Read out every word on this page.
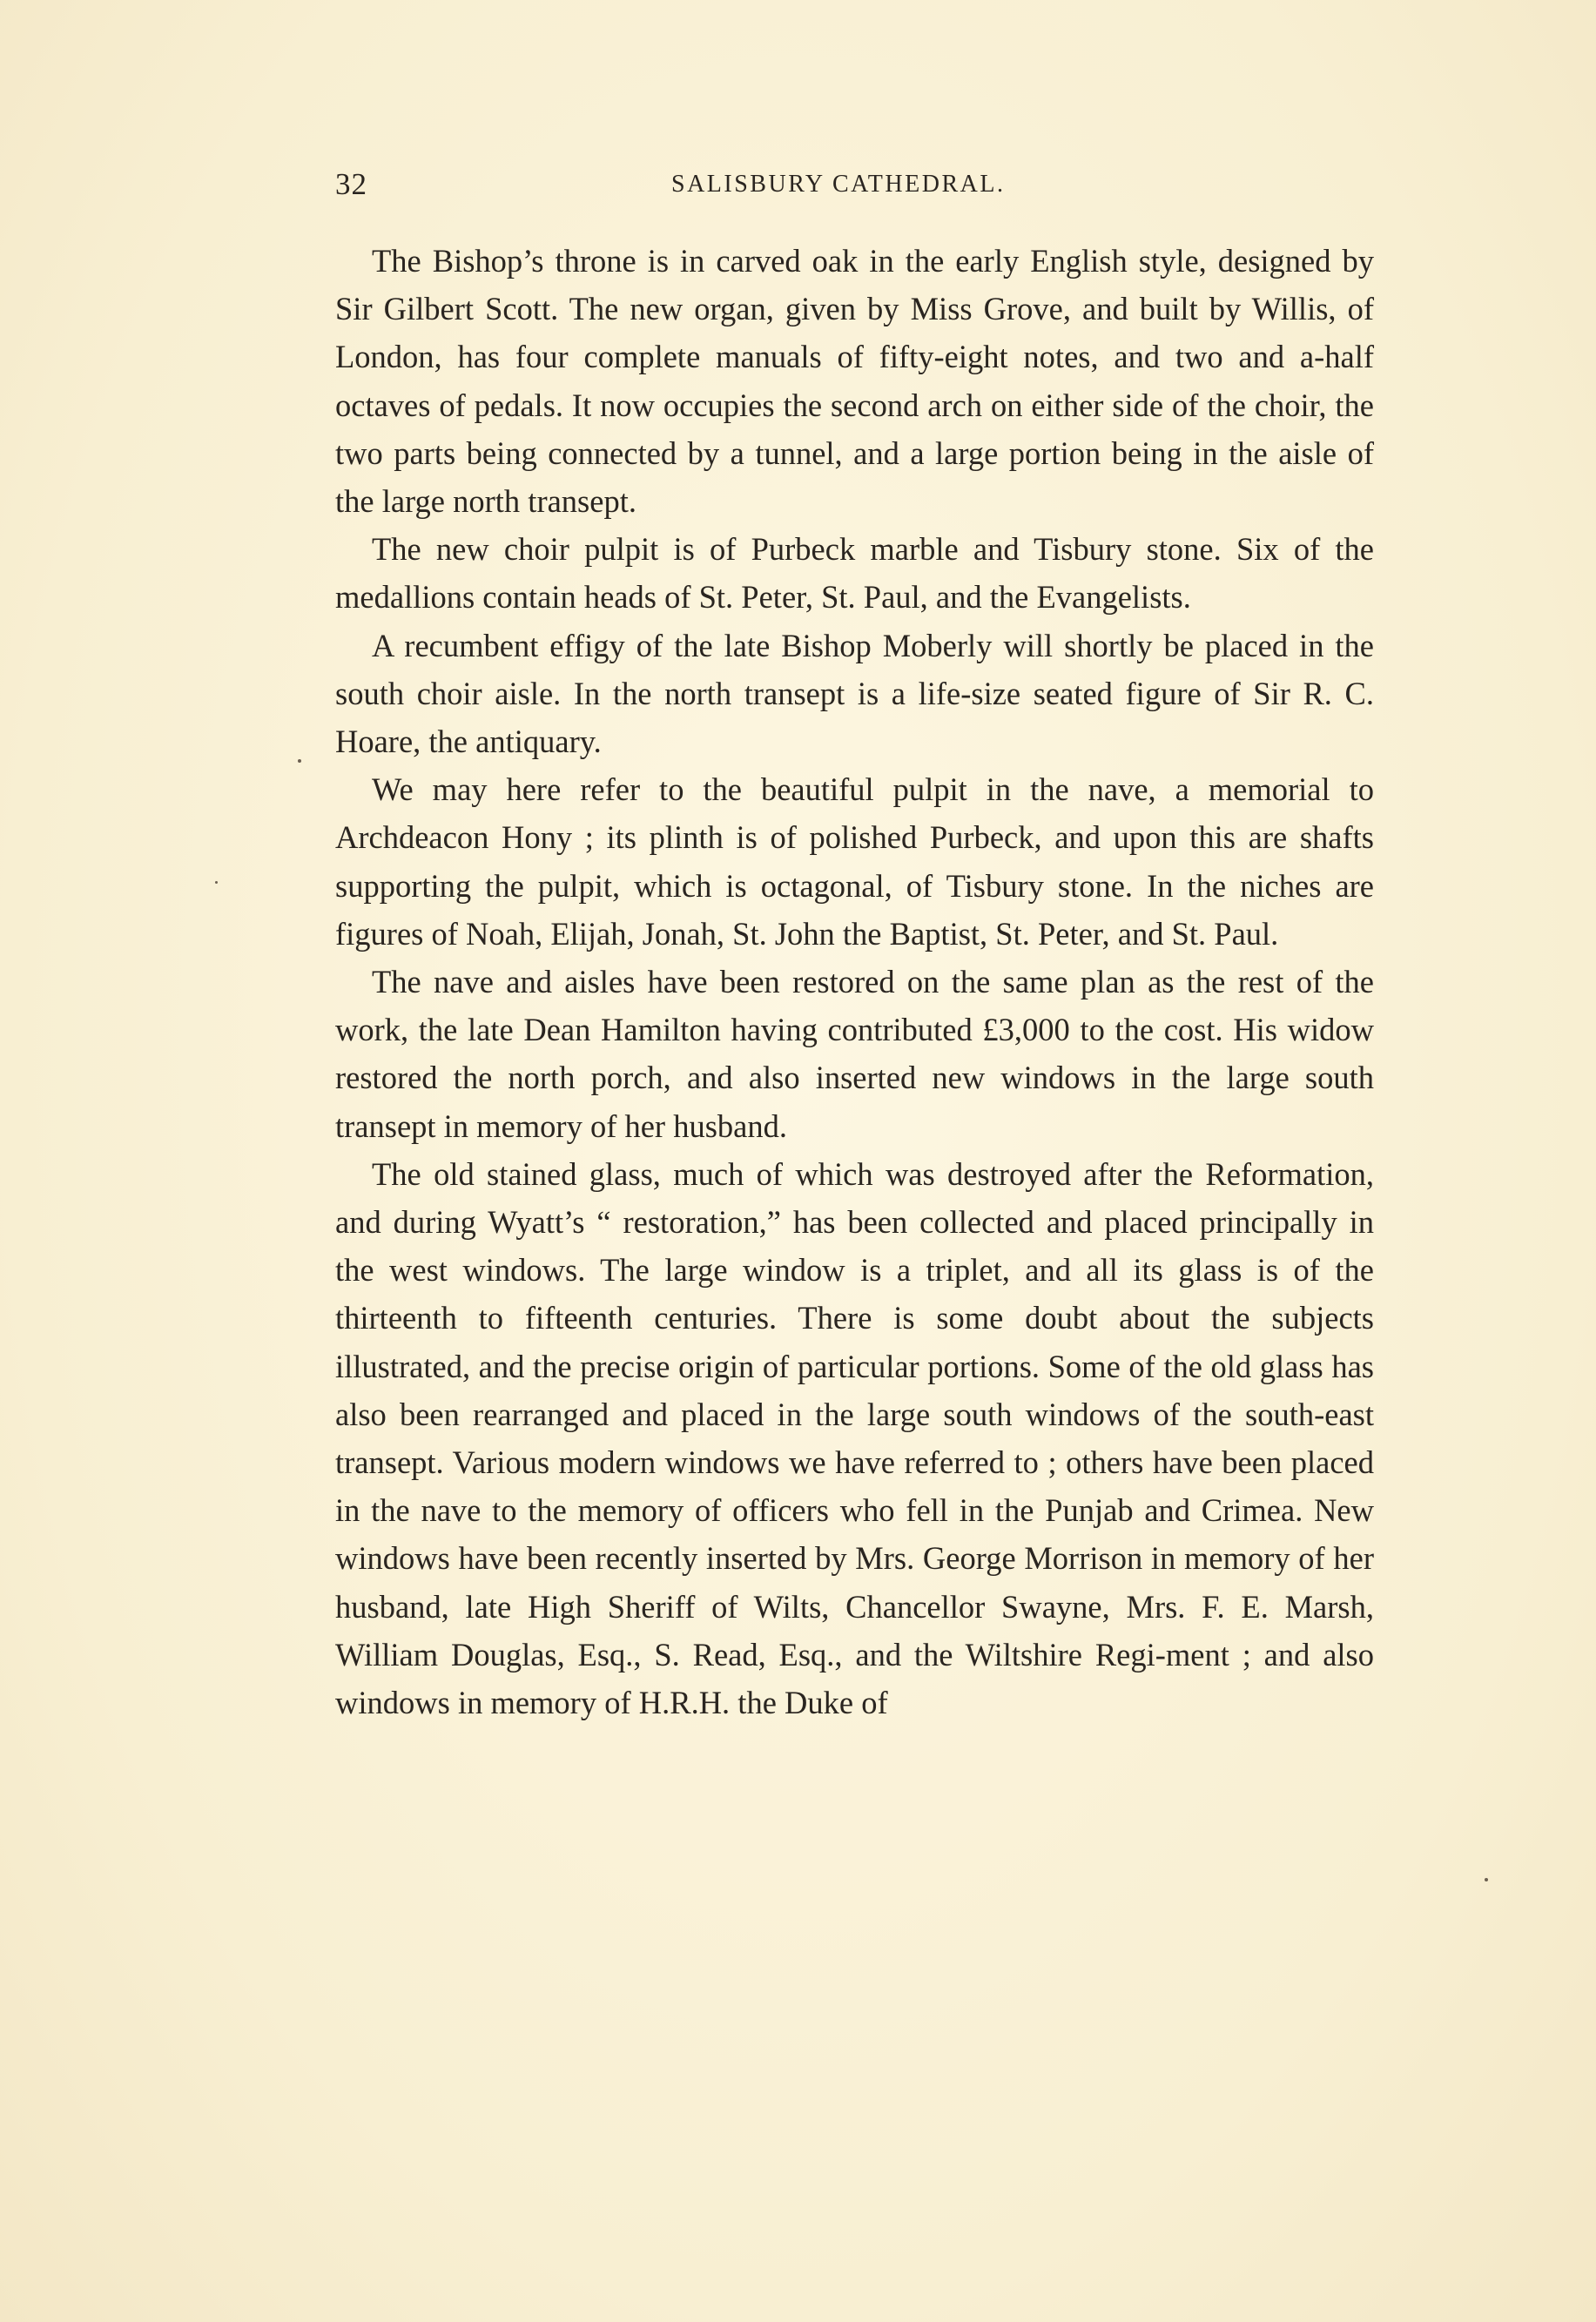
32	SALISBURY CATHEDRAL.

The Bishop’s throne is in carved oak in the early English style, designed by Sir Gilbert Scott. The new organ, given by Miss Grove, and built by Willis, of London, has four complete manuals of fifty-eight notes, and two and a-half octaves of pedals. It now occupies the second arch on either side of the choir, the two parts being connected by a tunnel, and a large portion being in the aisle of the large north transept.

The new choir pulpit is of Purbeck marble and Tisbury stone. Six of the medallions contain heads of St. Peter, St. Paul, and the Evangelists.

A recumbent effigy of the late Bishop Moberly will shortly be placed in the south choir aisle. In the north transept is a life-size seated figure of Sir R. C. Hoare, the antiquary.

We may here refer to the beautiful pulpit in the nave, a memorial to Archdeacon Hony ; its plinth is of polished Purbeck, and upon this are shafts supporting the pulpit, which is octagonal, of Tisbury stone. In the niches are figures of Noah, Elijah, Jonah, St. John the Baptist, St. Peter, and St. Paul.

The nave and aisles have been restored on the same plan as the rest of the work, the late Dean Hamilton having contributed £3,000 to the cost. His widow restored the north porch, and also inserted new windows in the large south transept in memory of her husband.

The old stained glass, much of which was destroyed after the Reformation, and during Wyatt’s “ restoration,” has been collected and placed principally in the west windows. The large window is a triplet, and all its glass is of the thirteenth to fifteenth centuries. There is some doubt about the subjects illustrated, and the precise origin of particular portions. Some of the old glass has also been rearranged and placed in the large south windows of the south-east transept. Various modern windows we have referred to ; others have been placed in the nave to the memory of officers who fell in the Punjab and Crimea. New windows have been recently inserted by Mrs. George Morrison in memory of her husband, late High Sheriff of Wilts, Chancellor Swayne, Mrs. F. E. Marsh, William Douglas, Esq., S. Read, Esq., and the Wiltshire Regi-ment ; and also windows in memory of H.R.H. the Duke of
